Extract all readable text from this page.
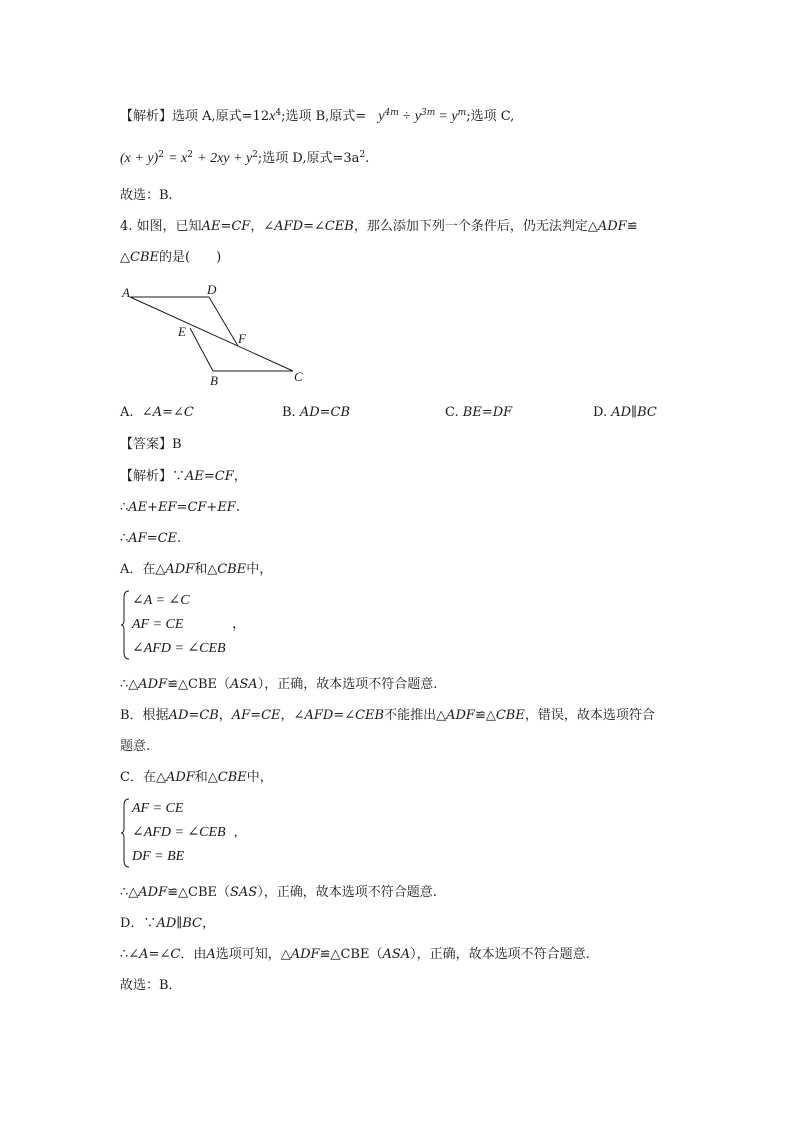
【解析】选项 A,原式$=12x^4$;选项 B,原式= $y^{4m} \div y^{3m} = y^m$;选项 C,
$(x + y)^2 = x^2 + 2xy + y^2$;选项 D,原式$=3a^2$.
故选：B.
4. 如图，已知AE=CF，∠AFD=∠CEB，那么添加下列一个条件后，仍无法判定△ADF≌
△CBE的是(　　)
A	D
E	F
B	C
A. ∠A=∠C	B. AD=CB	C. BE=DF	D. AD∥BC
【答案】B
【解析】∵AE=CF，
∴AE+EF=CF+EF.
∴AF=CE.
A．在△ADF和△CBE中，
∠A = ∠C
AF = CE
∠AFD = ∠CEB
，
∴△ADF≌△CBE（ASA），正确，故本选项不符合题意.
B．根据AD=CB，AF=CE，∠AFD=∠CEB不能推出△ADF≌△CBE，错误，故本选项符合
题意.
C．在△ADF和△CBE中，
AF = CE
∠AFD = ∠CEB
DF = BE
,
∴△ADF≌△CBE（SAS），正确，故本选项不符合题意.
D．∵AD∥BC，
∴∠A=∠C．由A选项可知，△ADF≌△CBE（ASA），正确，故本选项不符合题意.
故选：B．
